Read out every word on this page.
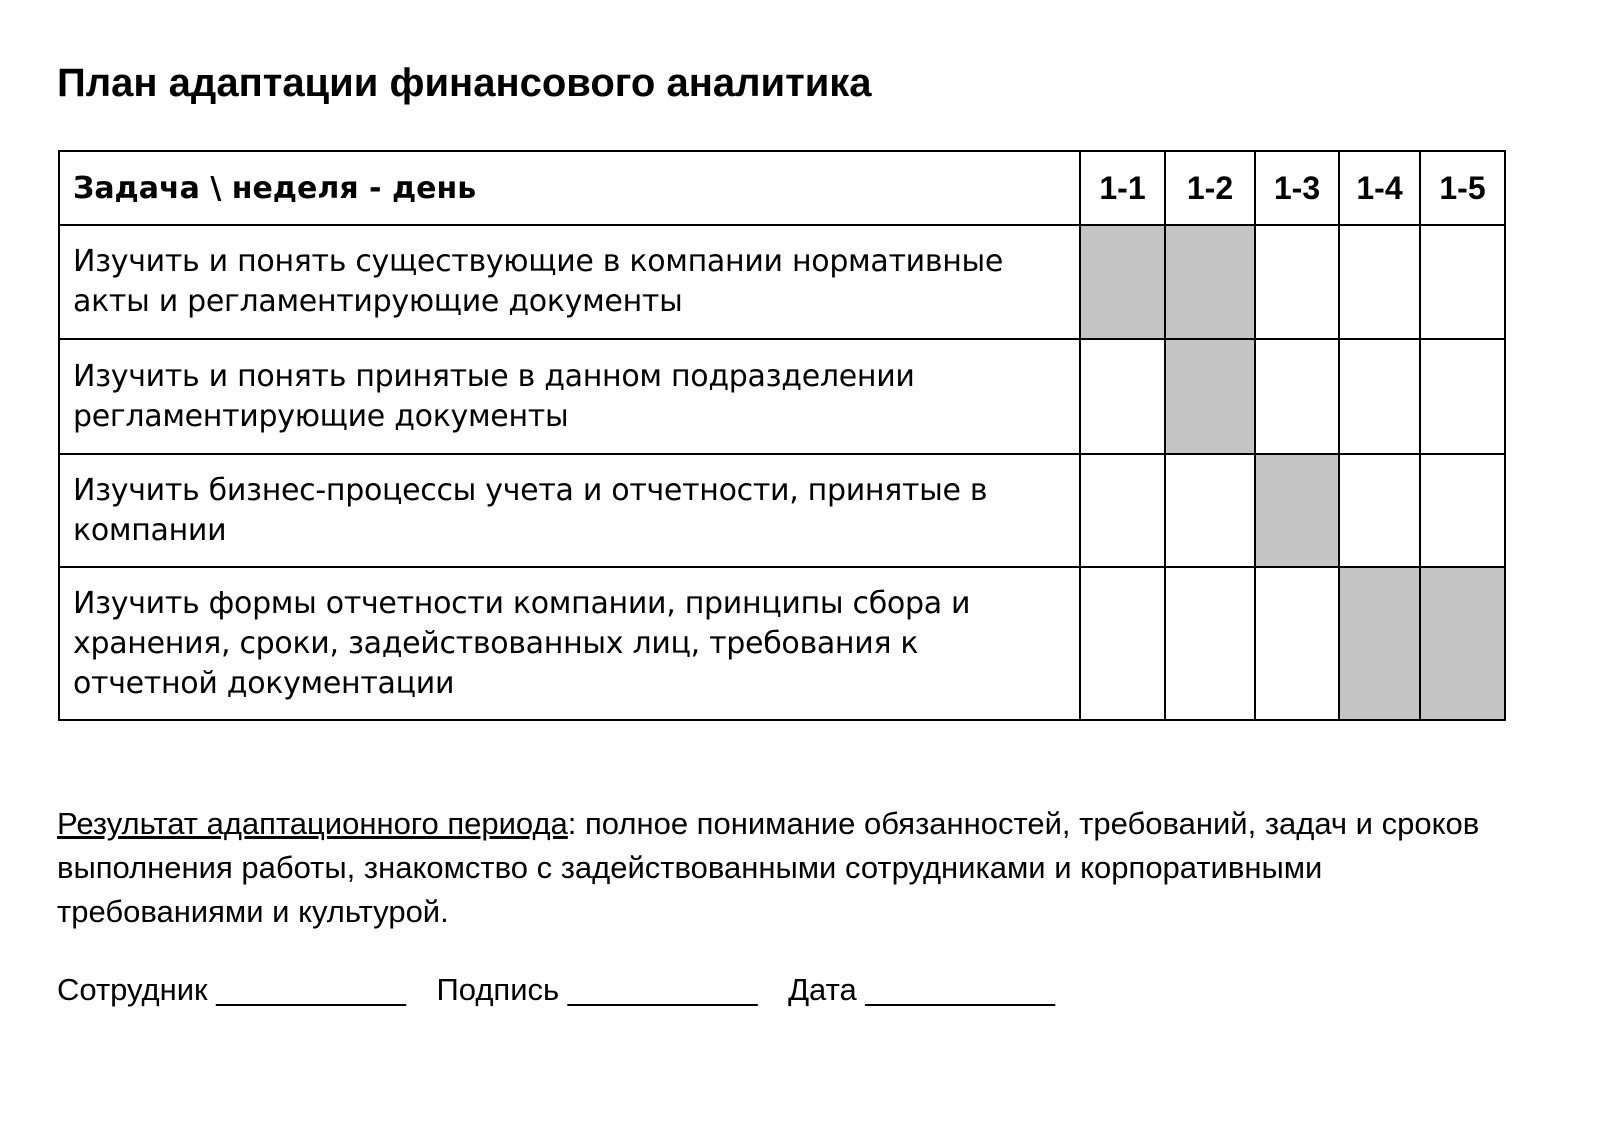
План адаптации финансового аналитика
Задача \ неделя - день	1-1	1-2	1-3	1-4	1-5
Изучить и понять существующие в компании нормативные акты и регламентирующие документы					
Изучить и понять принятые в данном подразделении регламентирующие документы					
Изучить бизнес-процессы учета и отчетности, принятые в компании					
Изучить формы отчетности компании, принципы сбора и хранения, сроки, задействованных лиц, требования к отчетной документации					

Результат адаптационного периода: полное понимание обязанностей, требований, задач и сроков выполнения работы, знакомство с задействованными сотрудниками и корпоративными требованиями и культурой.

Сотрудник ___________ Подпись ___________ Дата ___________
